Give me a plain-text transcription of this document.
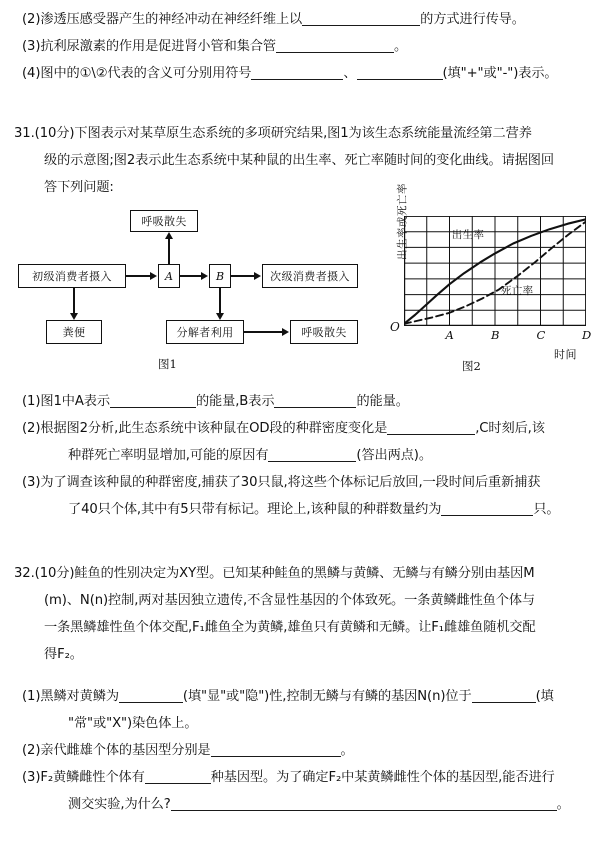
(2)渗透压感受器产生的神经冲动在神经纤维上以	的方式进行传导。
(3)抗利尿激素的作用是促进肾小管和集合管	。
(4)图中的①\②代表的含义可分别用符号	、	(填"+"或"-")表示。
31.(10分)下图表示对某草原生态系统的多项研究结果,图1为该生态系统能量流经第二营养
级的示意图;图2表示此生态系统中某种鼠的出生率、死亡率随时间的变化曲线。请据图回
答下列问题:
呼吸散失
初级消费者摄入	A	B	次级消费者摄入
粪便	分解者利用	呼吸散失
图1
出生率或死亡率
O
A	B	C	D
时间
出生率
死亡率
图2
(1)图1中A表示	的能量,B表示	的能量。
(2)根据图2分析,此生态系统中该种鼠在OD段的种群密度变化是	,C时刻后,该
种群死亡率明显增加,可能的原因有	(答出两点)。
(3)为了调查该种鼠的种群密度,捕获了30只鼠,将这些个体标记后放回,一段时间后重新捕获
了40只个体,其中有5只带有标记。理论上,该种鼠的种群数量约为	只。
32.(10分)鲑鱼的性别决定为XY型。已知某种鲑鱼的黑鳞与黄鳞、无鳞与有鳞分别由基因M
(m)、N(n)控制,两对基因独立遗传,不含显性基因的个体致死。一条黄鳞雌性鱼个体与
一条黑鳞雄性鱼个体交配,F₁雌鱼全为黄鳞,雄鱼只有黄鳞和无鳞。让F₁雌雄鱼随机交配
得F₂。
(1)黑鳞对黄鳞为	(填"显"或"隐")性,控制无鳞与有鳞的基因N(n)位于	(填
"常"或"X")染色体上。
(2)亲代雌雄个体的基因型分别是	。
(3)F₂黄鳞雌性个体有	种基因型。为了确定F₂中某黄鳞雌性个体的基因型,能否进行
测交实验,为什么?	。
